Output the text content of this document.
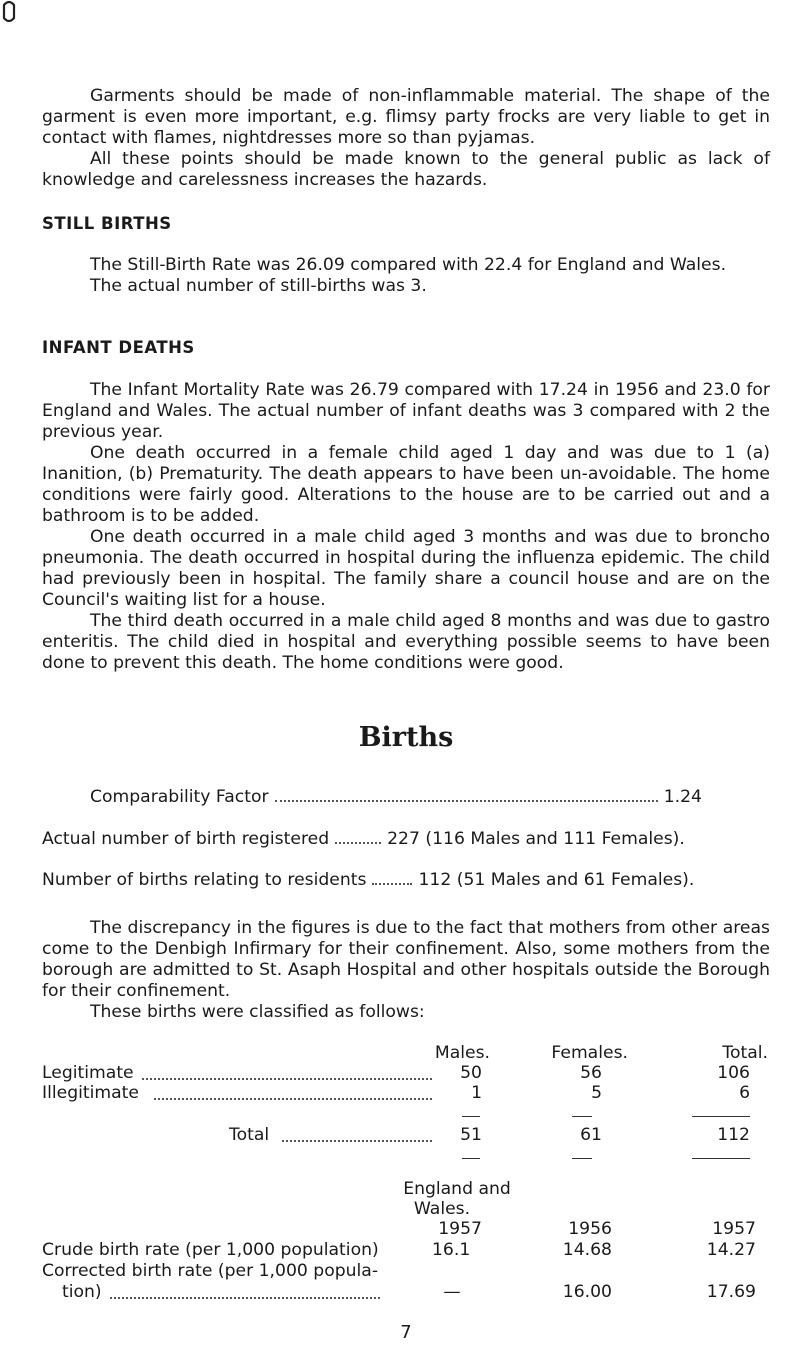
Garments should be made of non-inflammable material. The shape of the garment is even more important, e.g. flimsy party frocks are very liable to get in contact with flames, nightdresses more so than pyjamas.

All these points should be made known to the general public as lack of knowledge and carelessness increases the hazards.

STILL BIRTHS

The Still-Birth Rate was 26.09 compared with 22.4 for England and Wales.

The actual number of still-births was 3.

INFANT DEATHS

The Infant Mortality Rate was 26.79 compared with 17.24 in 1956 and 23.0 for England and Wales. The actual number of infant deaths was 3 compared with 2 the previous year.

One death occurred in a female child aged 1 day and was due to 1 (a) Inanition, (b) Prematurity. The death appears to have been un-avoidable. The home conditions were fairly good. Alterations to the house are to be carried out and a bathroom is to be added.

One death occurred in a male child aged 3 months and was due to broncho pneumonia. The death occurred in hospital during the influenza epidemic. The child had previously been in hospital. The family share a council house and are on the Council's waiting list for a house.

The third death occurred in a male child aged 8 months and was due to gastro enteritis. The child died in hospital and everything possible seems to have been done to prevent this death. The home conditions were good.

Births
Comparability Factor	1.24
Actual number of birth registered	227 (116 Males and 111 Females).
Number of births relating to residents	112 (51 Males and 61 Females).

The discrepancy in the figures is due to the fact that mothers from other areas come to the Denbigh Infirmary for their confinement. Also, some mothers from the borough are admitted to St. Asaph Hospital and other hospitals outside the Borough for their confinement.

These births were classified as follows:
Males.	Females.	Total.
Legitimate	50	56	106
Illegitimate	1	5	6
Total	51	61	112
England and
Wales.
1957	1956	1957
Crude birth rate (per 1,000 population)	16.1	14.68	14.27
Corrected birth rate (per 1,000 popula-
tion)	—	16.00	17.69
7
